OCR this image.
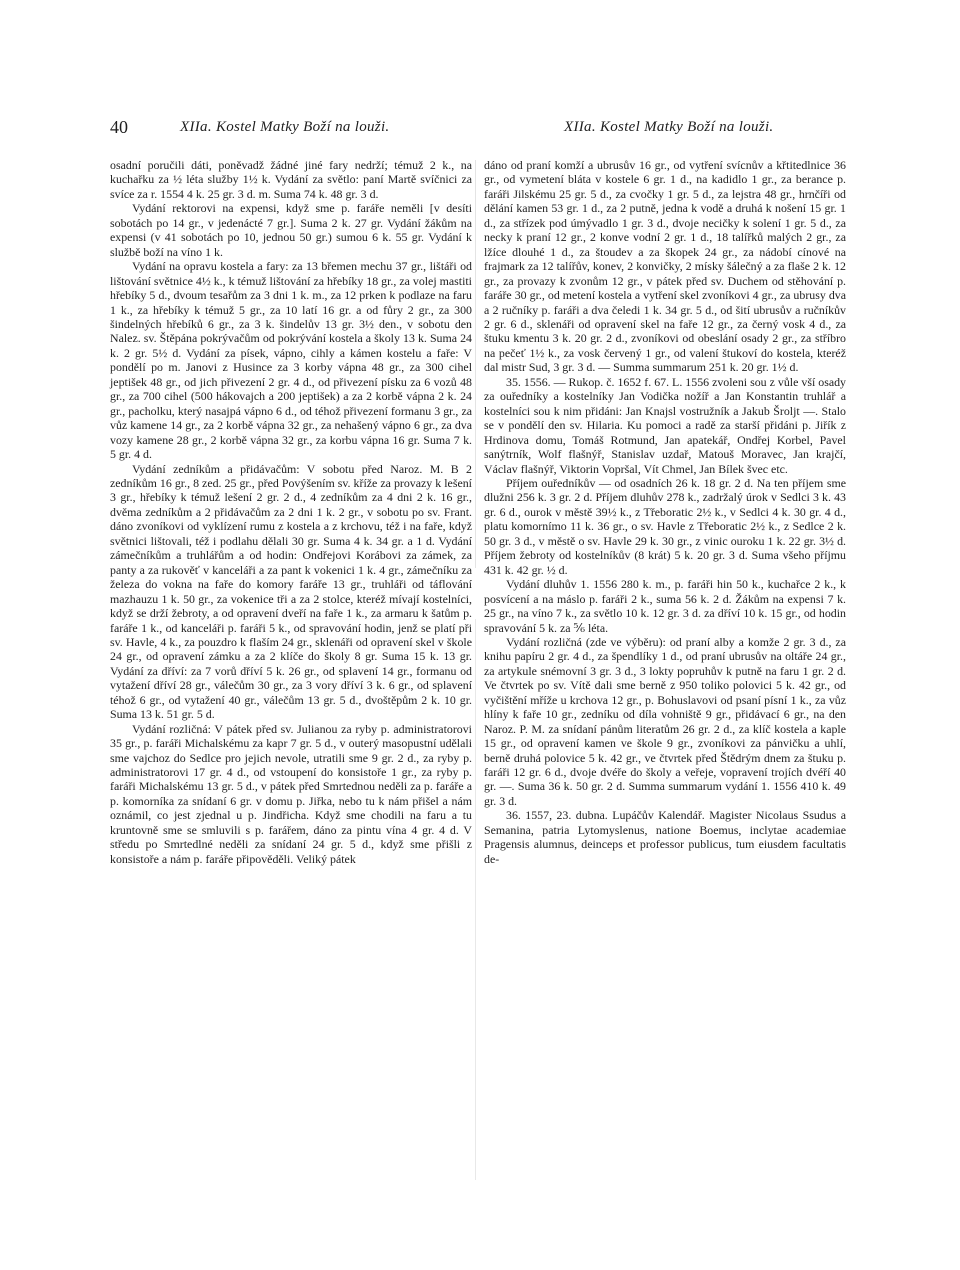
40	XIIa. Kostel Matky Boží na louži.	XIIa. Kostel Matky Boží na louži.

osadní poručili dáti, poněvadž žádné jiné fary nedrží; témuž 2 k., na kuchařku za ½ léta služby 1½ k. Vydání za světlo: paní Martě svíčnici za svíce za r. 1554 4 k. 25 gr. 3 d. m. Suma 74 k. 48 gr. 3 d.

Vydání rektorovi na expensi, když sme p. faráře neměli [v desíti sobotách po 14 gr., v jedenácté 7 gr.]. Suma 2 k. 27 gr. Vydání žákům na expensi (v 41 sobotách po 10, jednou 50 gr.) sumou 6 k. 55 gr. Vydání k službě boží na víno 1 k.

Vydání na opravu kostela a fary: za 13 břemen mechu 37 gr., lištáři od lištování světnice 4½ k., k témuž lištování za hřebíky 18 gr., za volej mastiti hřebíky 5 d., dvoum tesařům za 3 dni 1 k. m., za 12 prken k podlaze na faru 1 k., za hřebíky k témuž 5 gr., za 10 latí 16 gr. a od fůry 2 gr., za 300 šindelných hřebíků 6 gr., za 3 k. šindelův 13 gr. 3½ den., v sobotu den Nalez. sv. Štěpána pokrývačům od pokrývání kostela a školy 13 k. Suma 24 k. 2 gr. 5½ d. Vydání za písek, vápno, cihly a kámen kostelu a faře: V pondělí po m. Janovi z Husince za 3 korby vápna 48 gr., za 300 cihel jeptišek 48 gr., od jich přivezení 2 gr. 4 d., od přivezení písku za 6 vozů 48 gr., za 700 cihel (500 hákovajch a 200 jeptišek) a za 2 korbě vápna 2 k. 24 gr., pacholku, který nasajpá vápno 6 d., od téhož přivezení formanu 3 gr., za vůz kamene 14 gr., za 2 korbě vápna 32 gr., za nehašený vápno 6 gr., za dva vozy kamene 28 gr., 2 korbě vápna 32 gr., za korbu vápna 16 gr. Suma 7 k. 5 gr. 4 d.

Vydání zedníkům a přidávačům: V sobotu před Naroz. M. B 2 zedníkům 16 gr., 8 zed. 25 gr., před Povýšením sv. kříže za provazy k lešení 3 gr., hřebíky k témuž lešení 2 gr. 2 d., 4 zedníkům za 4 dni 2 k. 16 gr., dvěma zedníkům a 2 přidávačům za 2 dni 1 k. 2 gr., v sobotu po sv. Frant. dáno zvoníkovi od vyklízení rumu z kostela a z krchovu, též i na faře, když světnici lištovali, též i podlahu dělali 30 gr. Suma 4 k. 34 gr. a 1 d. Vydání zámečníkům a truhlářům a od hodin: Ondřejovi Korábovi za zámek, za panty a za rukověť v kanceláři a za pant k vokenici 1 k. 4 gr., zámečníku za železa do vokna na faře do komory faráře 13 gr., truhláři od táflování mazhauzu 1 k. 50 gr., za vokenice tři a za 2 stolce, kteréž mívají kostelníci, když se drží žebroty, a od opravení dveří na faře 1 k., za armaru k šatům p. faráře 1 k., od kanceláři p. faráři 5 k., od spravování hodin, jenž se platí při sv. Havle, 4 k., za pouzdro k flaším 24 gr., sklenáři od opravení skel v škole 24 gr., od opravení zámku a za 2 klíče do školy 8 gr. Suma 15 k. 13 gr. Vydání za dříví: za 7 vorů dříví 5 k. 26 gr., od splavení 14 gr., formanu od vytažení dříví 28 gr., válečům 30 gr., za 3 vory dříví 3 k. 6 gr., od splavení téhož 6 gr., od vytažení 40 gr., válečům 13 gr. 5 d., dvoštěpům 2 k. 10 gr. Suma 13 k. 51 gr. 5 d.

Vydání rozličná: V pátek před sv. Julianou za ryby p. administratorovi 35 gr., p. faráři Michalskému za kapr 7 gr. 5 d., v outerý masopustní udělali sme vajchoz do Sedlce pro jejich nevole, utratili sme 9 gr. 2 d., za ryby p. administratorovi 17 gr. 4 d., od vstoupení do konsistoře 1 gr., za ryby p. faráři Michalskému 13 gr. 5 d., v pátek před Smrtednou neděli za p. faráře a p. komorníka za snídaní 6 gr. v domu p. Jiřka, nebo tu k nám přišel a nám oznámil, co jest zjednal u p. Jindřicha. Když sme chodili na faru a tu kruntovně sme se smluvili s p. farářem, dáno za pintu vína 4 gr. 4 d. V středu po Smrtedlné neděli za snídaní 24 gr. 5 d., když sme přišli z konsistoře a nám p. faráře připověděli. Veliký pátek

dáno od praní komží a ubrusův 16 gr., od vytření svícnův a křtitedlnice 36 gr., od vymetení bláta v kostele 6 gr. 1 d., na kadidlo 1 gr., za berance p. faráři Jilskému 25 gr. 5 d., za cvočky 1 gr. 5 d., za lejstra 48 gr., hrnčíři od dělání kamen 53 gr. 1 d., za 2 putně, jedna k vodě a druhá k nošení 15 gr. 1 d., za střízek pod úmývadlo 1 gr. 3 d., dvoje necičky k solení 1 gr. 5 d., za necky k praní 12 gr., 2 konve vodní 2 gr. 1 d., 18 talířků malých 2 gr., za lžíce dlouhé 1 d., za štoudev a za škopek 24 gr., za nádobí cínové na frajmark za 12 talířův, konev, 2 konvičky, 2 mísky šálečný a za flaše 2 k. 12 gr., za provazy k zvonům 12 gr., v pátek před sv. Duchem od stěhování p. faráře 30 gr., od metení kostela a vytření skel zvoníkovi 4 gr., za ubrusy dva a 2 ručníky p. faráři a dva čeledi 1 k. 34 gr. 5 d., od šití ubrusův a ručníkův 2 gr. 6 d., sklenáři od opravení skel na faře 12 gr., za černý vosk 4 d., za štuku kmentu 3 k. 20 gr. 2 d., zvoníkovi od obeslání osady 2 gr., za stříbro na pečeť 1½ k., za vosk červený 1 gr., od valení štukoví do kostela, kteréž dal mistr Sud, 3 gr. 3 d. — Summa summarum 251 k. 20 gr. 1½ d.

35. 1556. — Rukop. č. 1652 f. 67. L. 1556 zvoleni sou z vůle vší osady za ouředníky a kostelníky Jan Vodička nožíř a Jan Konstantin truhlář a kostelníci sou k nim přidáni: Jan Knajsl vostružník a Jakub Šroljt —. Stalo se v pondělí den sv. Hilaria. Ku pomoci a radě za starší přidáni p. Jiřík z Hrdinova domu, Tomáš Rotmund, Jan apatekář, Ondřej Korbel, Pavel sanýtrník, Wolf flašnýř, Stanislav uzdař, Matouš Moravec, Jan krajčí, Václav flašnýř, Viktorin Vopršal, Vít Chmel, Jan Bílek švec etc.

Příjem ouředníkův — od osadních 26 k. 18 gr. 2 d. Na ten příjem sme dlužni 256 k. 3 gr. 2 d. Příjem dluhův 278 k., zadržalý úrok v Sedlci 3 k. 43 gr. 6 d., ourok v městě 39½ k., z Třeboratic 2½ k., v Sedlci 4 k. 30 gr. 4 d., platu komornímo 11 k. 36 gr., o sv. Havle z Třeboratic 2½ k., z Sedlce 2 k. 50 gr. 3 d., v městě o sv. Havle 29 k. 30 gr., z vinic ouroku 1 k. 22 gr. 3½ d. Příjem žebroty od kostelníkův (8 krát) 5 k. 20 gr. 3 d. Suma všeho příjmu 431 k. 42 gr. ½ d.

Vydání dluhův 1. 1556 280 k. m., p. faráři hin 50 k., kuchařce 2 k., k posvícení a na máslo p. faráři 2 k., suma 56 k. 2 d. Žákům na expensi 7 k. 25 gr., na víno 7 k., za světlo 10 k. 12 gr. 3 d. za dříví 10 k. 15 gr., od hodin spravování 5 k. za ⅚ léta.

Vydání rozličná (zde ve výběru): od praní alby a komže 2 gr. 3 d., za knihu papíru 2 gr. 4 d., za špendlíky 1 d., od praní ubrusův na oltáře 24 gr., za artykule snémovní 3 gr. 3 d., 3 lokty popruhův k putně na faru 1 gr. 2 d. Ve čtvrtek po sv. Vítě dali sme berně z 950 toliko polovici 5 k. 42 gr., od vyčištění mříže u krchova 12 gr., p. Bohuslavovi od psaní písní 1 k., za vůz hlíny k faře 10 gr., zedníku od díla vohniště 9 gr., přidávací 6 gr., na den Naroz. P. M. za snídaní pánům literatům 26 gr. 2 d., za klíč kostela a kaple 15 gr., od opravení kamen ve škole 9 gr., zvoníkovi za pánvičku a uhlí, berně druhá polovice 5 k. 42 gr., ve čtvrtek před Štědrým dnem za štuku p. faráři 12 gr. 6 d., dvoje dvéře do školy a veřeje, vopravení trojích dvéří 40 gr. —. Suma 36 k. 50 gr. 2 d. Summa summarum vydání 1. 1556 410 k. 49 gr. 3 d.

36. 1557, 23. dubna. Lupáčův Kalendář. Magister Nicolaus Ssudus a Semanina, patria Lytomyslenus, natione Boemus, inclytae academiae Pragensis alumnus, deinceps et professor publicus, tum eiusdem facultatis de-
